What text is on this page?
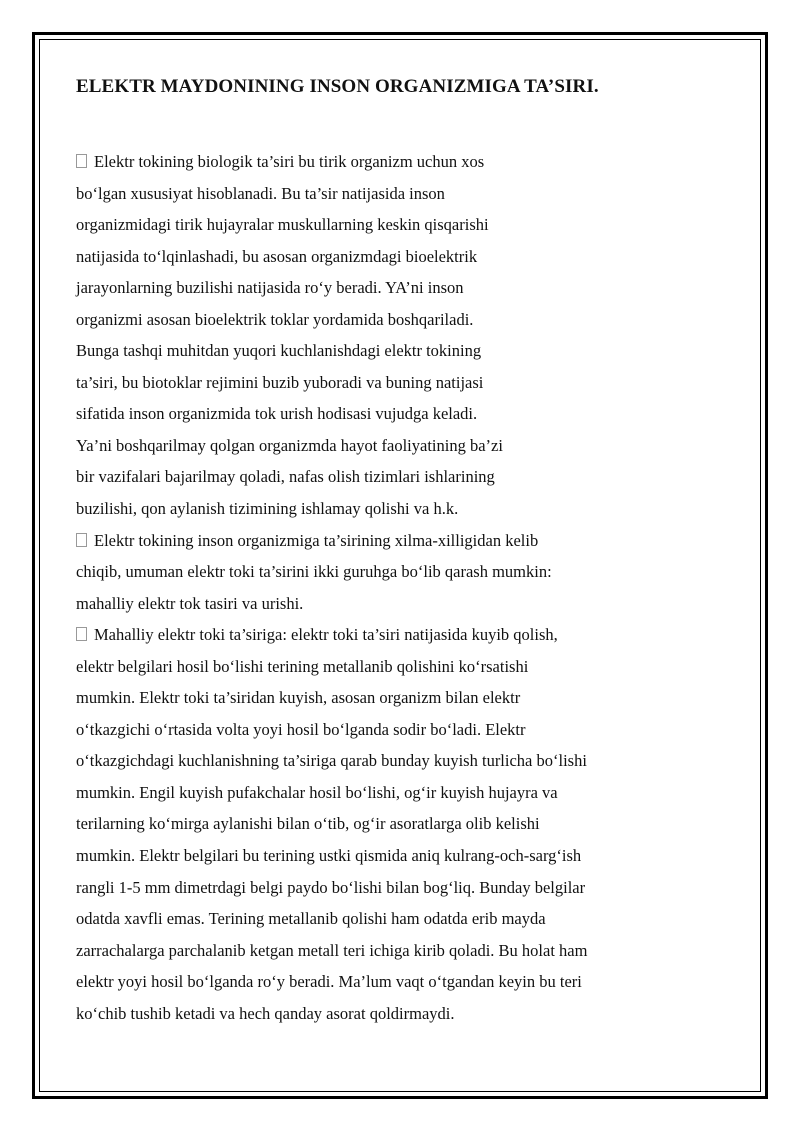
ELEKTR MAYDONINING INSON ORGANIZMIGA TA’SIRI.
Elektr tokining biologik ta’siri bu tirik organizm uchun xos
bo‘lgan xususiyat hisoblanadi. Bu ta’sir natijasida inson
organizmidagi tirik hujayralar muskullarning keskin qisqarishi
natijasida to‘lqinlashadi, bu asosan organizmdagi bioelektrik
jarayonlarning buzilishi natijasida ro‘y beradi. YA’ni inson
organizmi asosan bioelektrik toklar yordamida boshqariladi.
Bunga tashqi muhitdan yuqori kuchlanishdagi elektr tokining
ta’siri, bu biotoklar rejimini buzib yuboradi va buning natijasi
sifatida inson organizmida tok urish hodisasi vujudga keladi.
Ya’ni boshqarilmay qolgan organizmda hayot faoliyatining ba’zi
bir vazifalari bajarilmay qoladi, nafas olish tizimlari ishlarining
buzilishi, qon aylanish tizimining ishlamay qolishi va h.k.
Elektr tokining inson organizmiga ta’sirining xilma-xilligidan kelib
chiqib, umuman elektr toki ta’sirini ikki guruhga bo‘lib qarash mumkin:
mahalliy elektr tok tasiri va urishi.
Mahalliy elektr toki ta’siriga: elektr toki ta’siri natijasida kuyib qolish,
elektr belgilari hosil bo‘lishi terining metallanib qolishini ko‘rsatishi
mumkin. Elektr toki ta’siridan kuyish, asosan organizm bilan elektr
o‘tkazgichi o‘rtasida volta yoyi hosil bo‘lganda sodir bo‘ladi. Elektr
o‘tkazgichdagi kuchlanishning ta’siriga qarab bunday kuyish turlicha bo‘lishi
mumkin. Engil kuyish pufakchalar hosil bo‘lishi, og‘ir kuyish hujayra va
terilarning ko‘mirga aylanishi bilan o‘tib, og‘ir asoratlarga olib kelishi
mumkin. Elektr belgilari bu terining ustki qismida aniq kulrang-och-sarg‘ish
rangli 1-5 mm dimetrdagi belgi paydo bo‘lishi bilan bog‘liq. Bunday belgilar
odatda xavfli emas. Terining metallanib qolishi ham odatda erib mayda
zarrachalarga parchalanib ketgan metall teri ichiga kirib qoladi. Bu holat ham
elektr yoyi hosil bo‘lganda ro‘y beradi. Ma’lum vaqt o‘tgandan keyin bu teri
ko‘chib tushib ketadi va hech qanday asorat qoldirmaydi.
